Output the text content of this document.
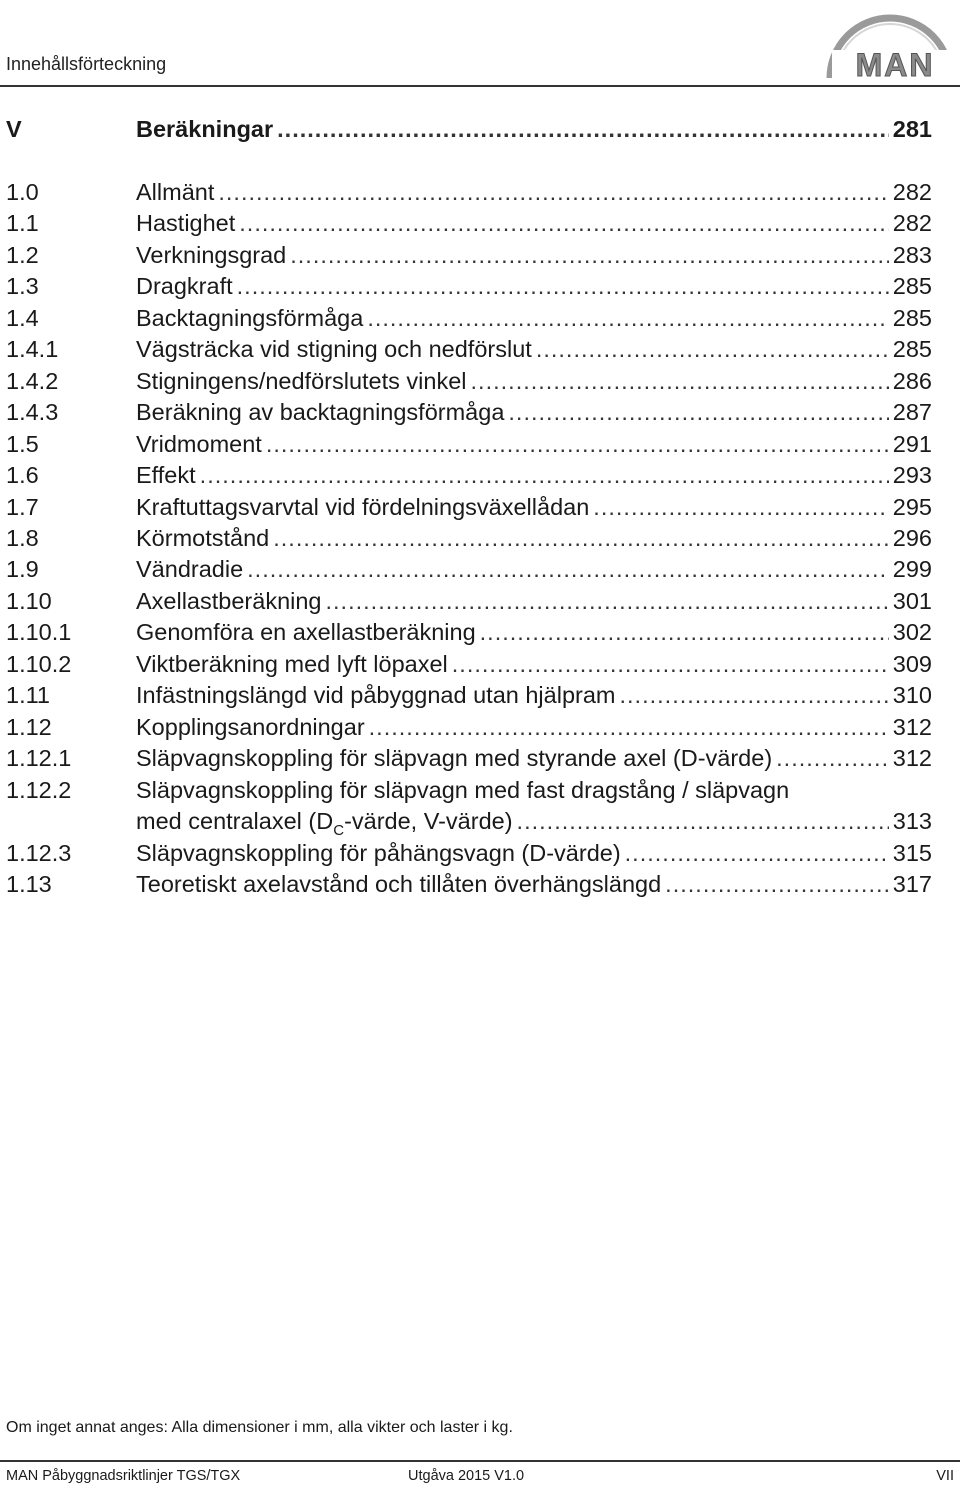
Innehållsförteckning	MAN
V	Beräkningar .....	281
1.0	Allmänt .....	282
1.1	Hastighet .....	282
1.2	Verkningsgrad .....	283
1.3	Dragkraft .....	285
1.4	Backtagningsförmåga .....	285
1.4.1	Vägsträcka vid stigning och nedförslut .....	285
1.4.2	Stigningens/nedförslutets vinkel .....	286
1.4.3	Beräkning av backtagningsförmåga .....	287
1.5	Vridmoment .....	291
1.6	Effekt .....	293
1.7	Kraftuttagsvarvtal vid fördelningsväxellådan .....	295
1.8	Körmotstånd .....	296
1.9	Vändradie .....	299
1.10	Axellastberäkning .....	301
1.10.1	Genomföra en axellastberäkning .....	302
1.10.2	Viktberäkning med lyft löpaxel .....	309
1.11	Infästningslängd vid påbyggnad utan hjälpram .....	310
1.12	Kopplingsanordningar .....	312
1.12.1	Släpvagnskoppling för släpvagn med styrande axel (D-värde) .....	312
1.12.2	Släpvagnskoppling för släpvagn med fast dragstång / släpvagn
med centralaxel ($D_C$-värde, V-värde) .....	313
1.12.3	Släpvagnskoppling för påhängsvagn (D-värde) .....	315
1.13	Teoretiskt axelavstånd och tillåten överhängslängd .....	317
Om inget annat anges: Alla dimensioner i mm, alla vikter och laster i kg.
MAN Påbyggnadsriktlinjer TGS/TGX	Utgåva 2015 V1.0	VII
